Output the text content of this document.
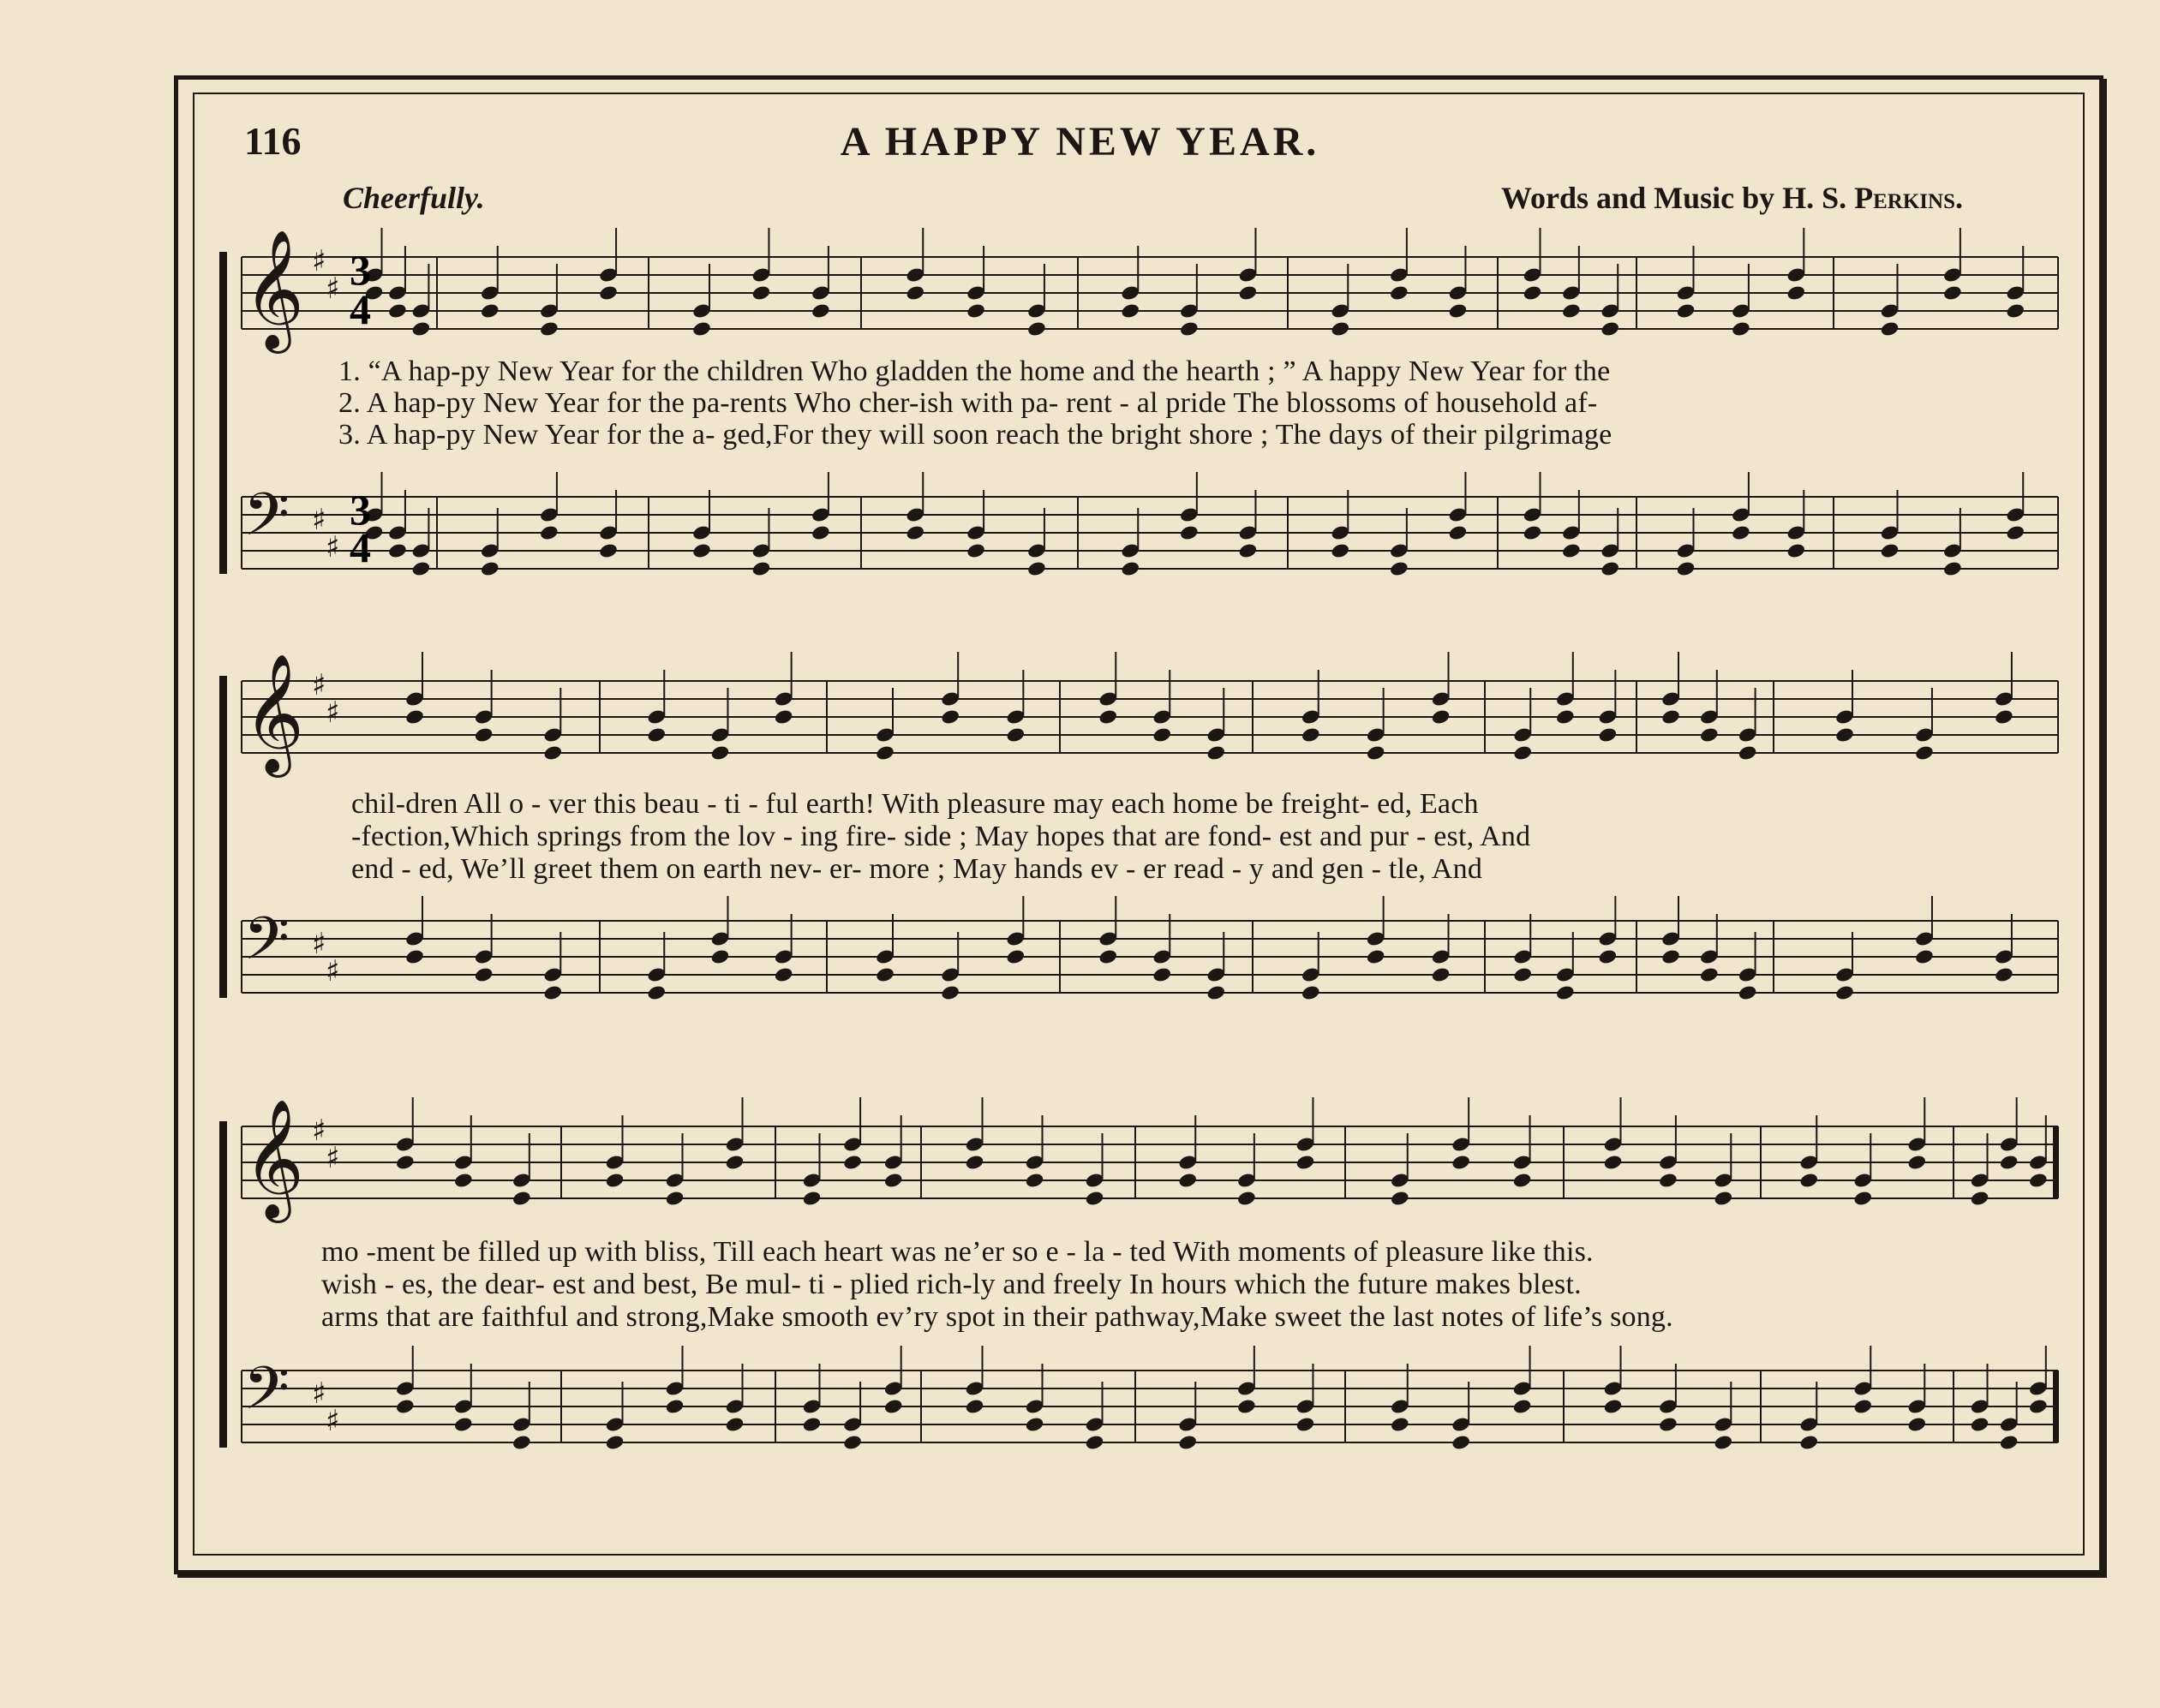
116	A HAPPY NEW YEAR.
Cheerfully.	Words and Music by H. S. Perkins.
𝄞 ♯
♯
𝄢 ♯
♯
𝄞 ♯
♯
𝄢 ♯
♯
𝄞 ♯
♯
𝄢 ♯
♯
3
4
3
4
1. “A hap-py New Year for the children Who gladden the home and the hearth ; ” A happy New Year for the
2. A hap-py New Year for the pa-rents Who cher-ish with pa- rent - al pride The blossoms of household af-
3. A hap-py New Year for the a- ged,For they will soon reach the bright shore ; The days of their pilgrimage
chil-dren All o - ver this beau - ti - ful earth! With pleasure may each home be freight- ed, Each
-fection,Which springs from the lov - ing fire- side ; May hopes that are fond- est and pur - est, And
end - ed, We’ll greet them on earth nev- er- more ; May hands ev - er read - y and gen - tle, And
mo -ment be filled up with bliss, Till each heart was ne’er so e - la - ted With moments of pleasure like this.
wish - es, the dear- est and best, Be mul- ti - plied rich-ly and freely In hours which the future makes blest.
arms that are faithful and strong,Make smooth ev’ry spot in their pathway,Make sweet the last notes of life’s song.
